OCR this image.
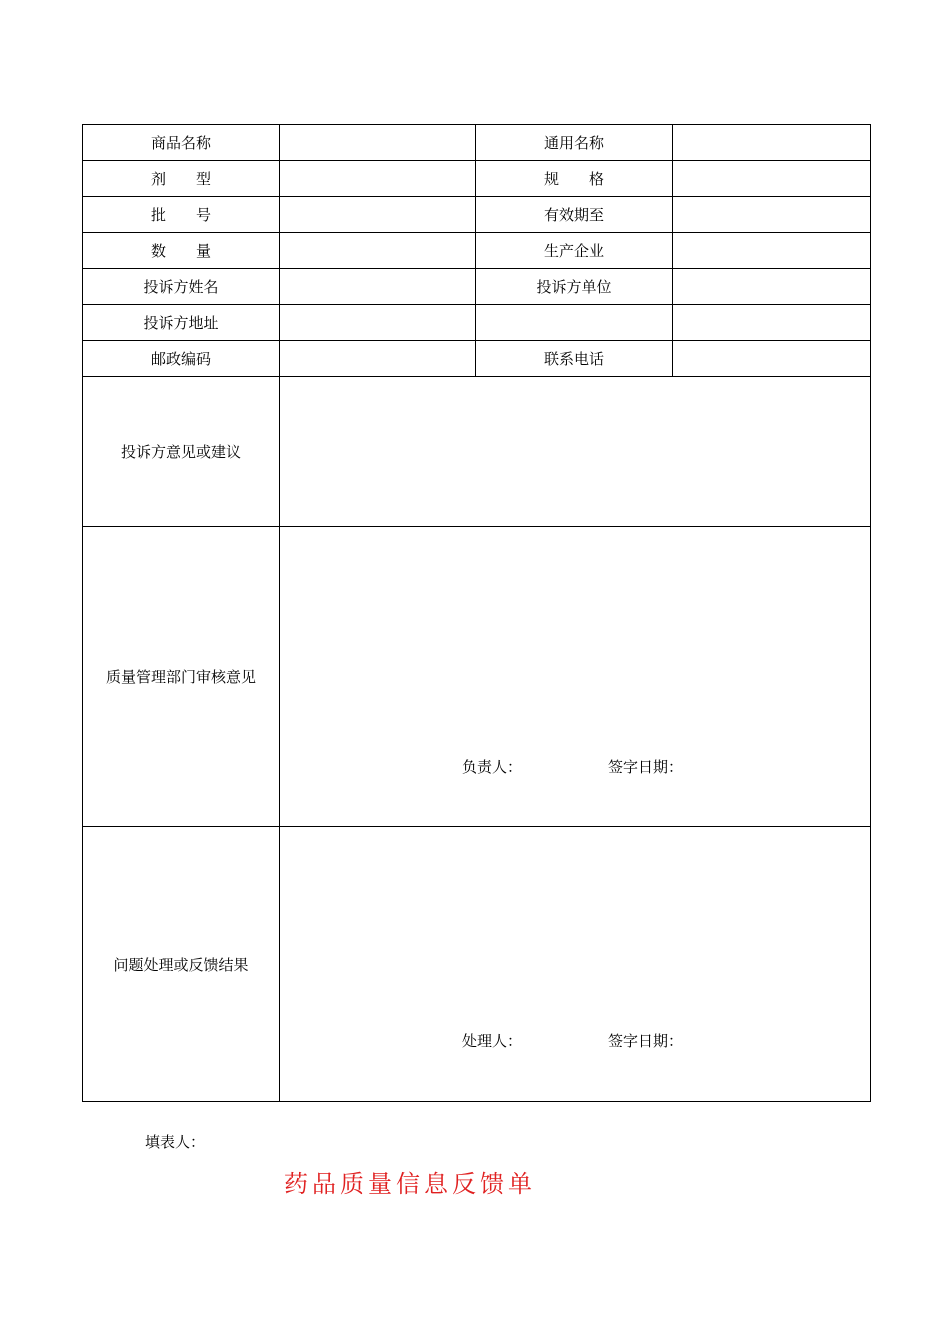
商品名称		通用名称	
剂　　型		规　　格	
批　　号		有效期至	
数　　量		生产企业	
投诉方姓名		投诉方单位	
投诉方地址			
邮政编码		联系电话	
投诉方意见或建议			
质量管理部门审核意见	负责人： 签字日期：		

问题处理或反馈结果	处理人： 签字日期：		
填表人：
药品质量信息反馈单
